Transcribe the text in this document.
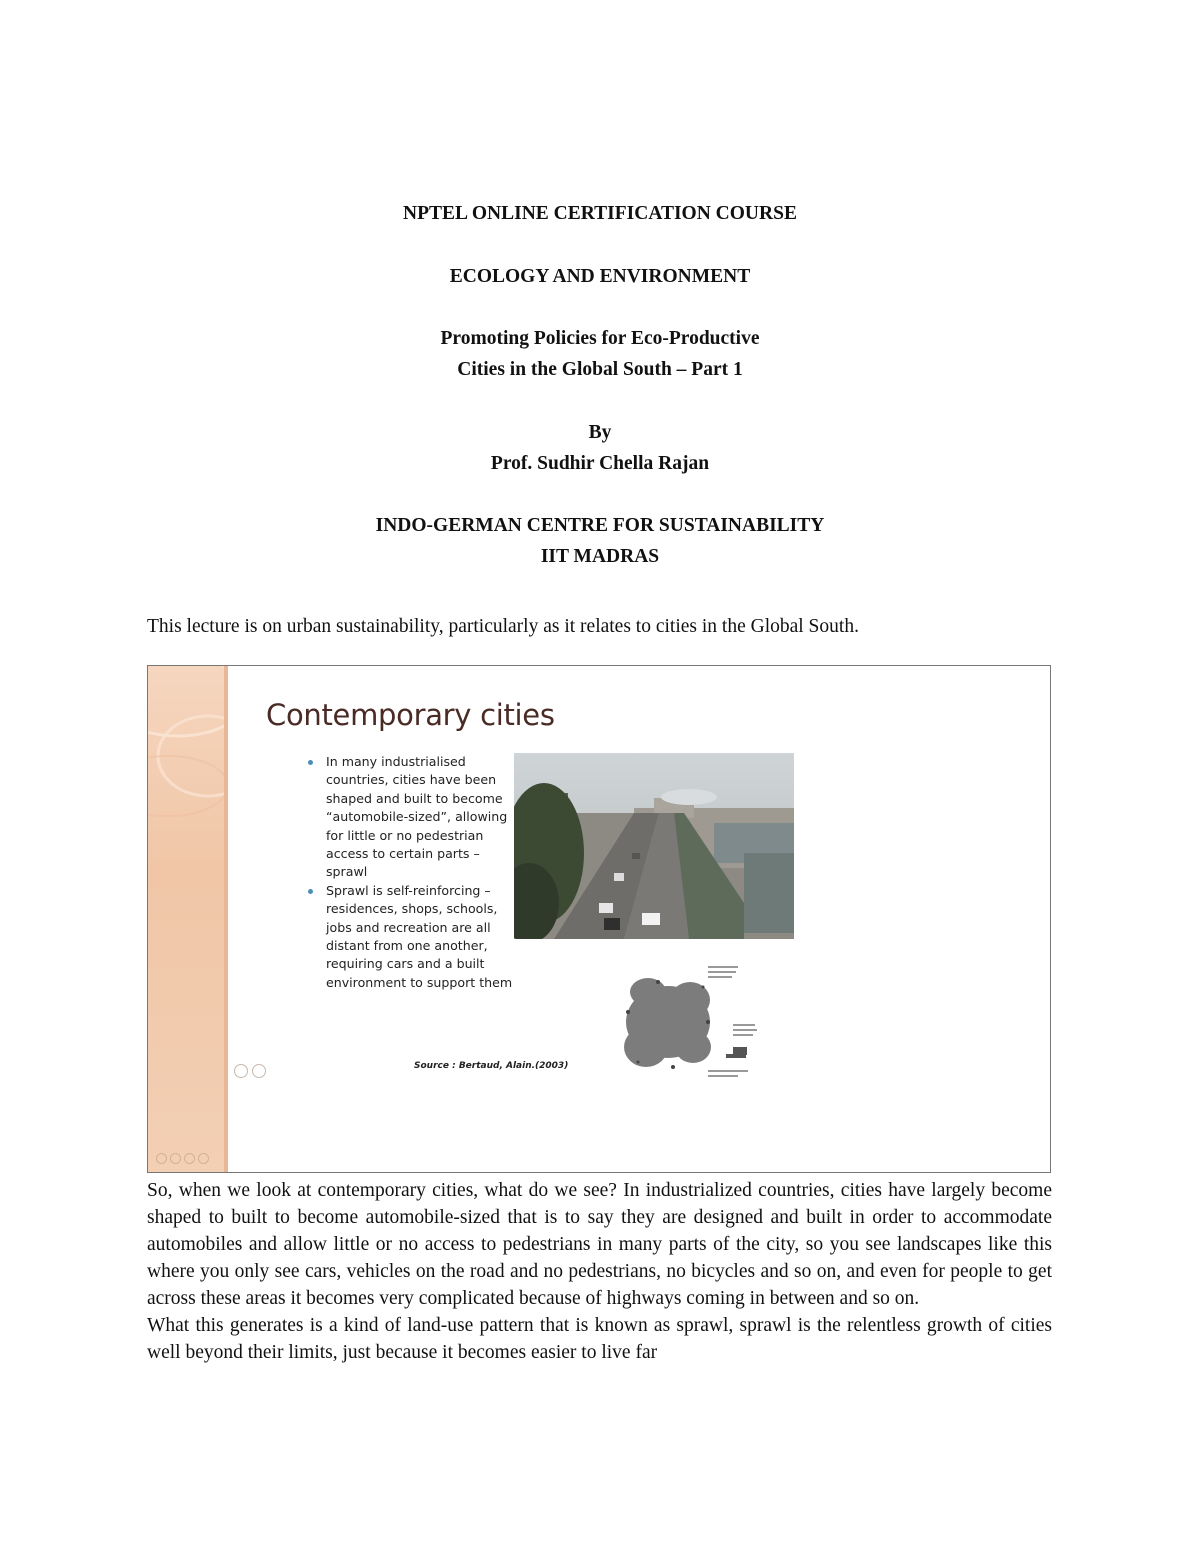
NPTEL ONLINE CERTIFICATION COURSE

ECOLOGY AND ENVIRONMENT

Promoting Policies for Eco-Productive

Cities in the Global South – Part 1

By

Prof. Sudhir Chella Rajan

INDO-GERMAN CENTRE FOR SUSTAINABILITY

IIT MADRAS

This lecture is on urban sustainability, particularly as it relates to cities in the Global South.

Contemporary cities

In many industrialised countries, cities have been shaped and built to become “automobile-sized”, allowing for little or no pedestrian access to certain parts – sprawl
Sprawl is self-reinforcing – residences, shops, schools, jobs and recreation are all distant from one another, requiring cars and a built environment to support them

Source : Bertaud, Alain.(2003)

So, when we look at contemporary cities, what do we see? In industrialized countries, cities have largely become shaped to built to become automobile-sized that is to say they are designed and built in order to accommodate automobiles and allow little or no access to pedestrians in many parts of the city, so you see landscapes like this where you only see cars, vehicles on the road and no pedestrians, no bicycles and so on, and even for people to get across these areas it becomes very complicated because of highways coming in between and so on.

What this generates is a kind of land-use pattern that is known as sprawl, sprawl is the relentless growth of cities well beyond their limits, just because it becomes easier to live far
